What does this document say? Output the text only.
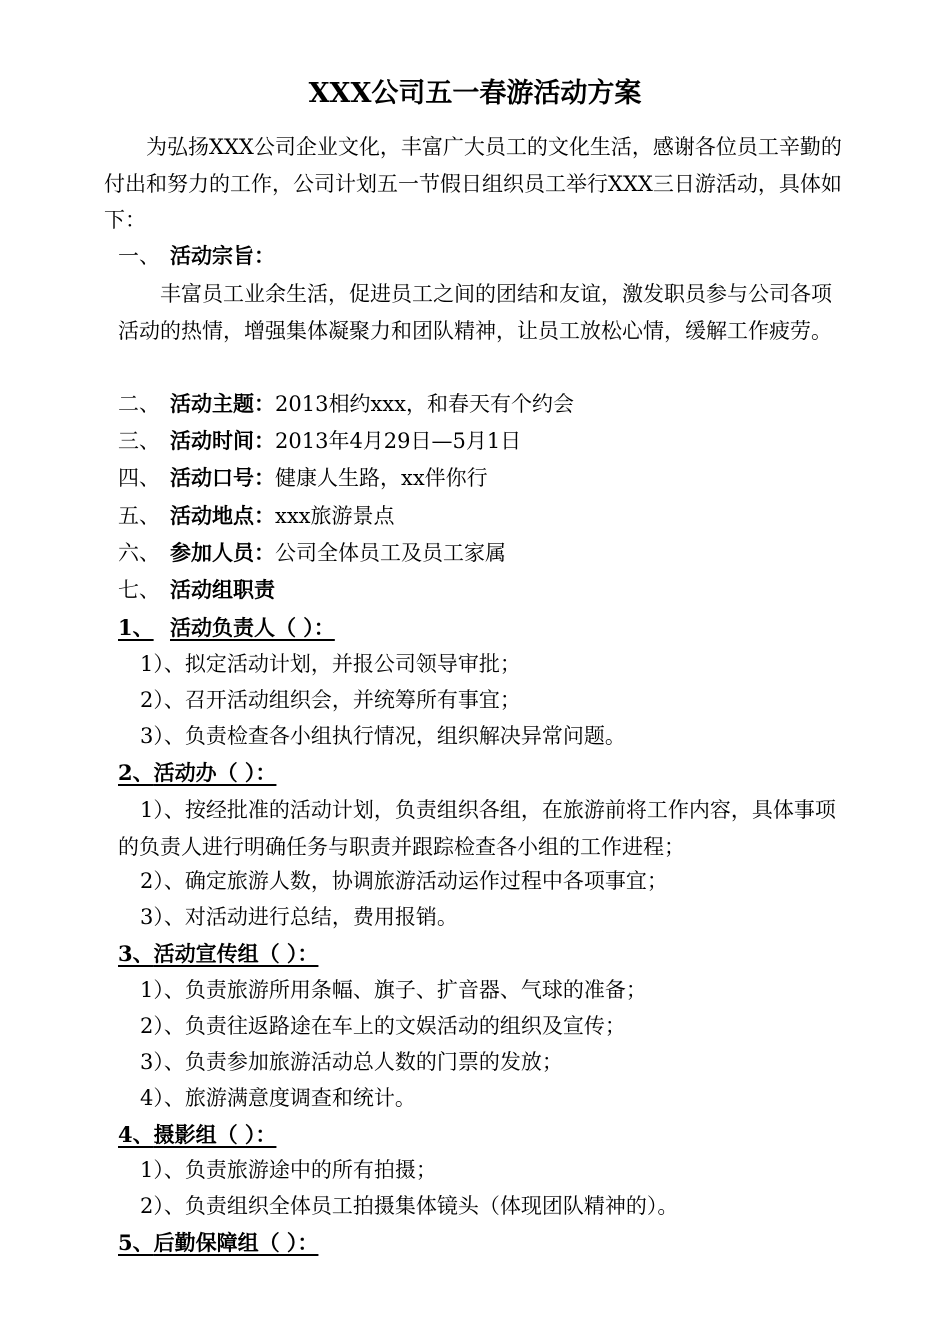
XXX公司五一春游活动方案
为弘扬XXX公司企业文化，丰富广大员工的文化生活，感谢各位员工辛勤的付出和努力的工作，公司计划五一节假日组织员工举行XXX三日游活动，具体如下：
一、 活动宗旨：
丰富员工业余生活，促进员工之间的团结和友谊，激发职员参与公司各项活动的热情，增强集体凝聚力和团队精神，让员工放松心情，缓解工作疲劳。
二、 活动主题：2013相约xxx，和春天有个约会
三、 活动时间：2013年4月29日—5月1日
四、 活动口号：健康人生路，xx伴你行
五、 活动地点：xxx旅游景点
六、 参加人员：公司全体员工及员工家属
七、 活动组职责
1、 活动负责人（ ）：
1）、拟定活动计划，并报公司领导审批；
2）、召开活动组织会，并统筹所有事宜；
3）、负责检查各小组执行情况，组织解决异常问题。
2、活动办（ ）：
1）、按经批准的活动计划，负责组织各组，在旅游前将工作内容，具体事项的负责人进行明确任务与职责并跟踪检查各小组的工作进程；
2）、确定旅游人数，协调旅游活动运作过程中各项事宜；
3）、对活动进行总结，费用报销。
3、活动宣传组（ ）：
1）、负责旅游所用条幅、旗子、扩音器、气球的准备；
2）、负责往返路途在车上的文娱活动的组织及宣传；
3）、负责参加旅游活动总人数的门票的发放；
4）、旅游满意度调查和统计。
4、摄影组（ ）：
1）、负责旅游途中的所有拍摄；
2）、负责组织全体员工拍摄集体镜头（体现团队精神的）。
5、后勤保障组（ ）：
